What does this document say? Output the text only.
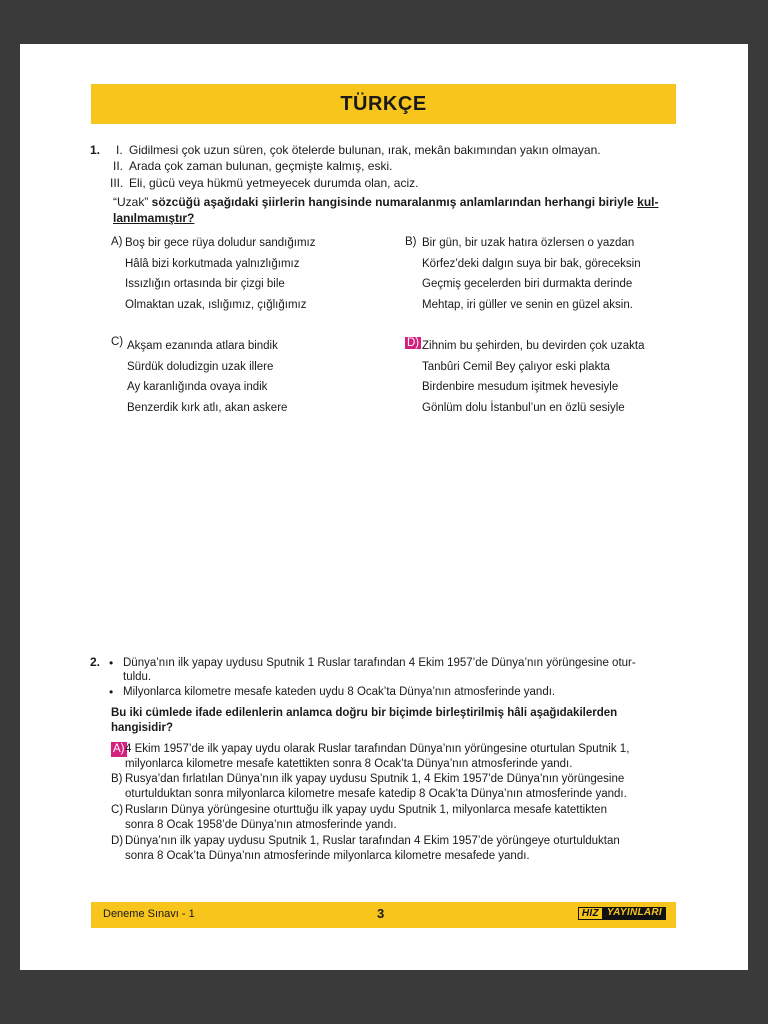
TÜRKÇE
1. I. Gidilmesi çok uzun süren, çok ötelerde bulunan, ırak, mekân bakımından yakın olmayan.
II. Arada çok zaman bulunan, geçmişte kalmış, eski.
III. Eli, gücü veya hükmü yetmeyecek durumda olan, aciz.
“Uzak” sözcüğü aşağıdaki şiirlerin hangisinde numaralanmış anlamlarından herhangi biriyle kul-
lanılmamıştır?
A) Boş bir gece rüya doludur sandığımız
Hâlâ bizi korkutmada yalnızlığımız
Issızlığın ortasında bir çizgi bile
Olmaktan uzak, ıslığımız, çığlığımız
B) Bir gün, bir uzak hatıra özlersen o yazdan
Körfez’deki dalgın suya bir bak, göreceksin
Geçmiş gecelerden biri durmakta derinde
Mehtap, iri güller ve senin en güzel aksin.
C) Akşam ezanında atlara bindik
Sürdük doludizgin uzak illere
Ay karanlığında ovaya indik
Benzerdik kırk atlı, akan askere
D) Zihnim bu şehirden, bu devirden çok uzakta
Tanbûri Cemil Bey çalıyor eski plakta
Birdenbire mesudum işitmek hevesiyle
Gönlüm dolu İstanbul’un en özlü sesiyle
2. • Dünya’nın ilk yapay uydusu Sputnik 1 Ruslar tarafından 4 Ekim 1957’de Dünya’nın yörüngesine otur-
tuldu.
• Milyonlarca kilometre mesafe kateden uydu 8 Ocak’ta Dünya’nın atmosferinde yandı.
Bu iki cümlede ifade edilenlerin anlamca doğru bir biçimde birleştirilmiş hâli aşağıdakilerden
hangisidir?
A) 4 Ekim 1957’de ilk yapay uydu olarak Ruslar tarafından Dünya’nın yörüngesine oturtulan Sputnik 1,
milyonlarca kilometre mesafe katettikten sonra 8 Ocak’ta Dünya’nın atmosferinde yandı.
B) Rusya’dan fırlatılan Dünya’nın ilk yapay uydusu Sputnik 1, 4 Ekim 1957’de Dünya’nın yörüngesine
oturtulduktan sonra milyonlarca kilometre mesafe katedip 8 Ocak’ta Dünya’nın atmosferinde yandı.
C) Rusların Dünya yörüngesine oturttuğu ilk yapay uydu Sputnik 1, milyonlarca mesafe katettikten
sonra 8 Ocak 1958’de Dünya’nın atmosferinde yandı.
D) Dünya’nın ilk yapay uydusu Sputnik 1, Ruslar tarafından 4 Ekim 1957’de yörüngeye oturtulduktan
sonra 8 Ocak’ta Dünya’nın atmosferinde milyonlarca kilometre mesafede yandı.
Deneme Sınavı - 1	3	HIZ YAYINLARI
